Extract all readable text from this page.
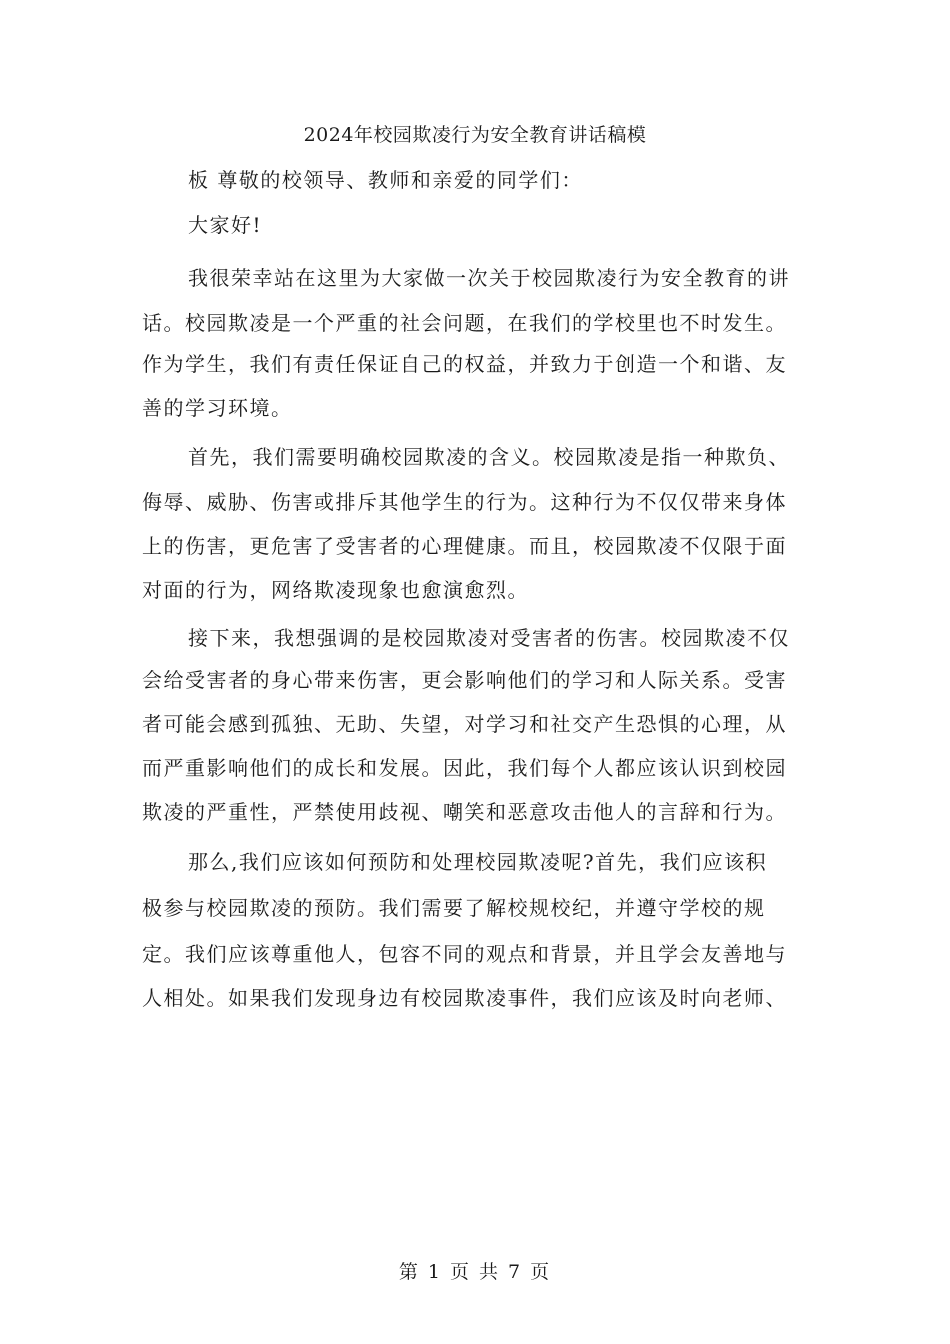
2024年校园欺凌行为安全教育讲话稿模
板 尊敬的校领导、教师和亲爱的同学们：
大家好!
我很荣幸站在这里为大家做一次关于校园欺凌行为安全教育的讲
话。校园欺凌是一个严重的社会问题，在我们的学校里也不时发生。
作为学生，我们有责任保证自己的权益，并致力于创造一个和谐、友
善的学习环境。
首先，我们需要明确校园欺凌的含义。校园欺凌是指一种欺负、
侮辱、威胁、伤害或排斥其他学生的行为。这种行为不仅仅带来身体
上的伤害，更危害了受害者的心理健康。而且，校园欺凌不仅限于面
对面的行为，网络欺凌现象也愈演愈烈。
接下来，我想强调的是校园欺凌对受害者的伤害。校园欺凌不仅
会给受害者的身心带来伤害，更会影响他们的学习和人际关系。受害
者可能会感到孤独、无助、失望，对学习和社交产生恐惧的心理，从
而严重影响他们的成长和发展。因此，我们每个人都应该认识到校园
欺凌的严重性，严禁使用歧视、嘲笑和恶意攻击他人的言辞和行为。
那么,我们应该如何预防和处理校园欺凌呢?首先，我们应该积
极参与校园欺凌的预防。我们需要了解校规校纪，并遵守学校的规
定。我们应该尊重他人，包容不同的观点和背景，并且学会友善地与
人相处。如果我们发现身边有校园欺凌事件，我们应该及时向老师、
第 1 页 共 7 页
